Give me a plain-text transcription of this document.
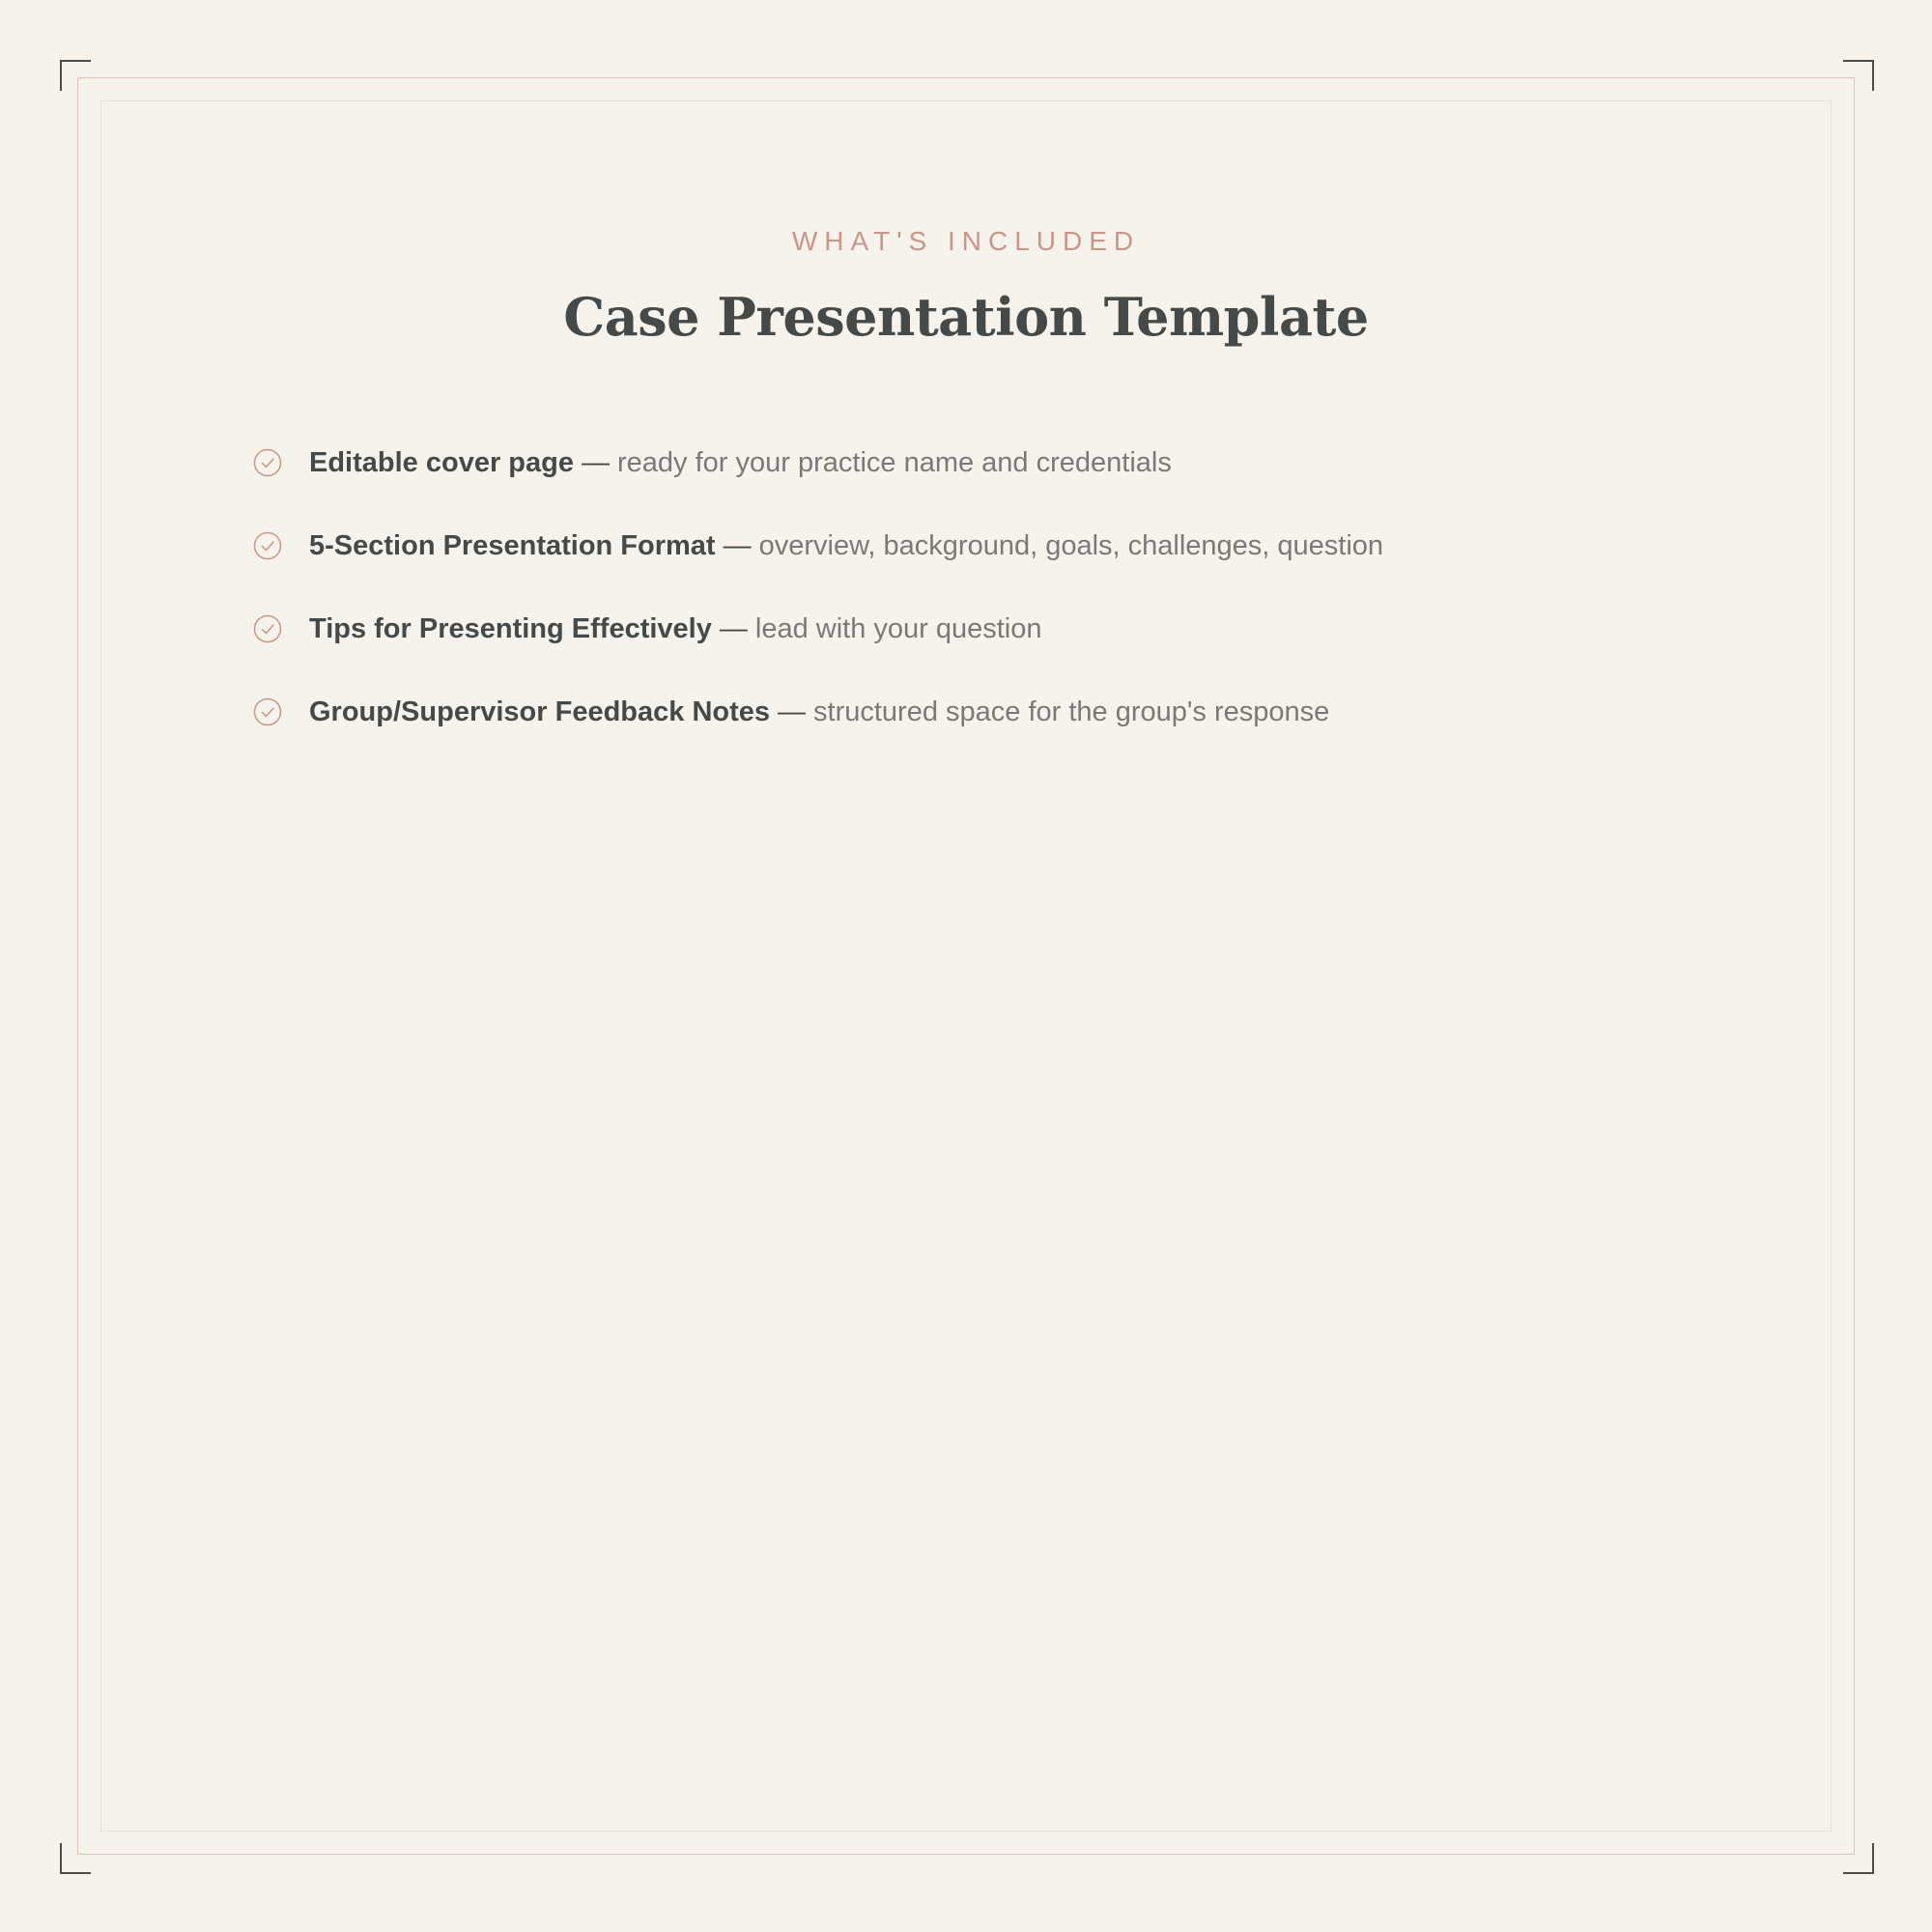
WHAT'S INCLUDED
Case Presentation Template
Editable cover page — ready for your practice name and credentials
5-Section Presentation Format — overview, background, goals, challenges, question
Tips for Presenting Effectively — lead with your question
Group/Supervisor Feedback Notes — structured space for the group's response
